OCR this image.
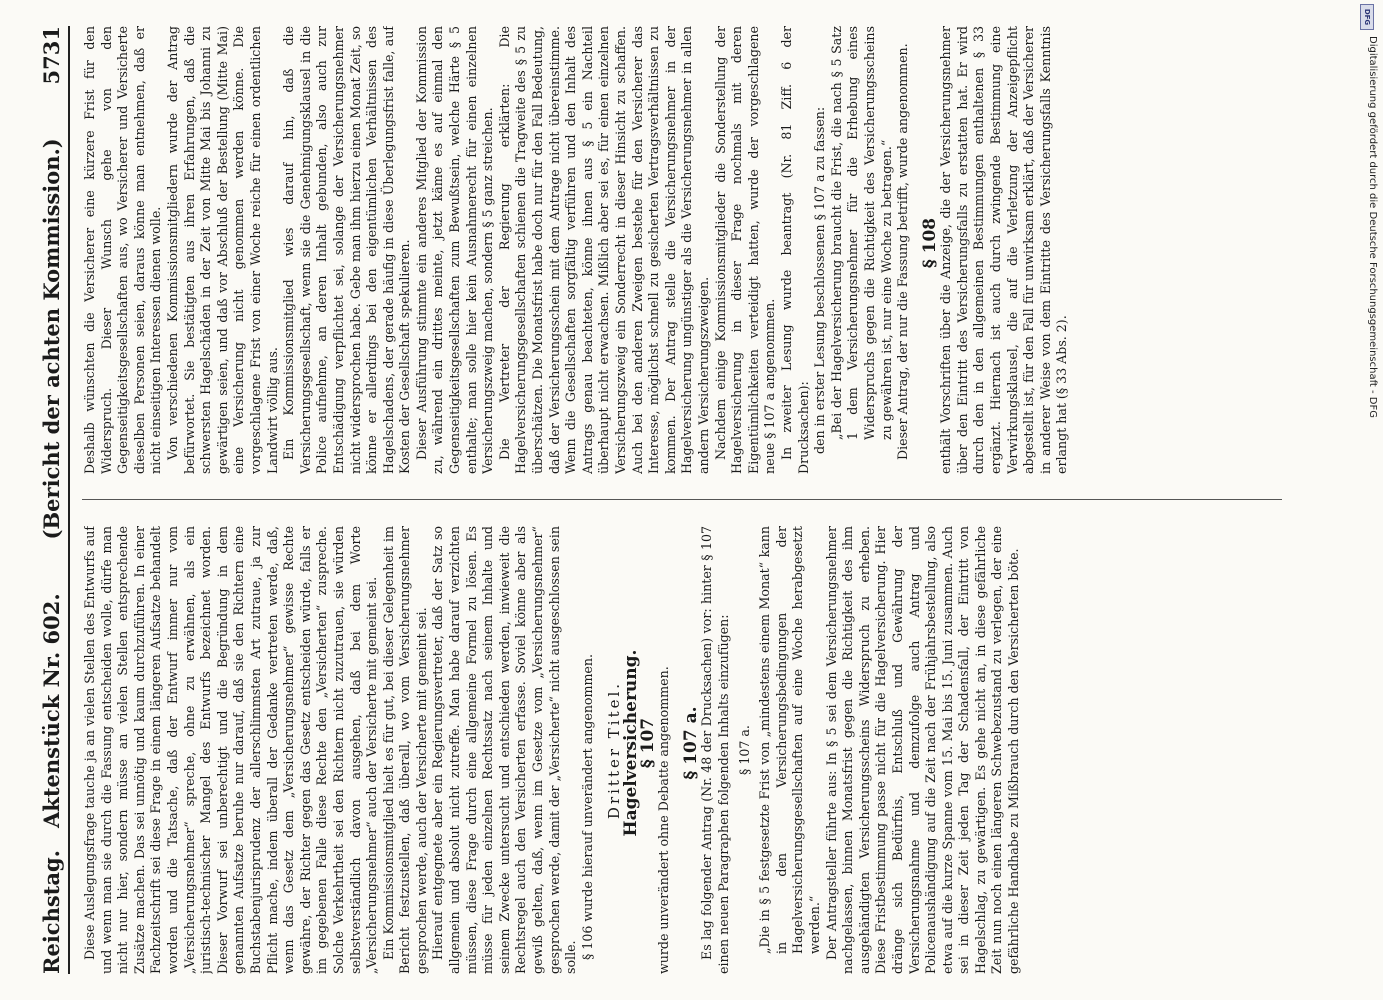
Reichstag.
Aktenstück Nr. 602.
(Bericht der achten Kommission.)
5731

Diese Auslegungsfrage tauche ja an vielen Stellen des Entwurfs auf und wenn man sie durch die Fassung entscheiden wolle, dürfe man nicht nur hier, sondern müsse an vielen Stellen entsprechende Zusätze machen. Das sei unnötig und kaum durchzuführen. In einer Fachzeitschrift sei diese Frage in einem längeren Aufsatze behandelt worden und die Tatsache, daß der Entwurf immer nur vom „Versicherungsnehmer“ spreche, ohne zu erwähnen, als ein juristisch-technischer Mangel des Entwurfs bezeichnet worden. Dieser Vorwurf sei unberechtigt und die Begründung in dem genannten Aufsatze beruhe nur darauf, daß sie den Richtern eine Buchstabenjurisprudenz der allerschlimmsten Art zutraue, ja zur Pflicht mache, indem überall der Gedanke vertreten werde, daß, wenn das Gesetz dem „Versicherungsnehmer“ gewisse Rechte gewähre, der Richter gegen das Gesetz entscheiden würde, falls er im gegebenen Falle diese Rechte den „Versicherten“ zuspreche. Solche Verkehrtheit sei den Richtern nicht zuzutrauen, sie würden selbstverständlich davon ausgehen, daß bei dem Worte „Versicherungsnehmer“ auch der Versicherte mit gemeint sei. Ein Kommissionsmitglied hielt es für gut, bei dieser Gelegenheit im Bericht festzustellen, daß überall, wo vom Versicherungsnehmer gesprochen werde, auch der Versicherte mit gemeint sei. Hierauf entgegnete aber ein Regierungsvertreter, daß der Satz so allgemein und absolut nicht zutreffe. Man habe darauf verzichten müssen, diese Frage durch eine allgemeine Formel zu lösen. Es müsse für jeden einzelnen Rechtssatz nach seinem Inhalte und seinem Zwecke untersucht und entschieden werden, inwieweit die Rechtsregel auch den Versicherten erfasse. Soviel könne aber als gewiß gelten, daß, wenn im Gesetze vom „Versicherungsnehmer“ gesprochen werde, damit der „Versicherte“ nicht ausgeschlossen sein solle. § 106 wurde hierauf unverändert angenommen. Dritter Titel.

Hagelversicherung.

§ 107

wurde unverändert ohne Debatte angenommen. § 107 a.

Es lag folgender Antrag (Nr. 48 der Drucksachen) vor: hinter § 107 einen neuen Paragraphen folgenden Inhalts einzufügen: § 107 a. „Die in § 5 festgesetzte Frist von „mindestens einem Monat“ kann in den Versicherungsbedingungen der Hagelversicherungsgesellschaften auf eine Woche herabgesetzt werden.“ Der Antragsteller führte aus: In § 5 sei dem Versicherungsnehmer nachgelassen, binnen Monatsfrist gegen die Richtigkeit des ihm ausgehändigten Versicherungsscheins Widerspruch zu erheben. Diese Fristbestimmung passe nicht für die Hagelversicherung. Hier dränge sich Bedürfnis, Entschluß und Gewährung der Versicherungsnahme und demzufolge auch Antrag und Policenaushändigung auf die Zeit nach der Frühjahrsbestellung, also etwa auf die kurze Spanne vom 15. Mai bis 15. Juni zusammen. Auch sei in dieser Zeit jeden Tag der Schadensfall, der Eintritt von Hagelschlag, zu gewärtigen. Es gehe nicht an, in diese gefährliche Zeit nun noch einen längeren Schwebezustand zu verlegen, der eine gefährliche Handhabe zu Mißbrauch durch den Versicherten böte.

Deshalb wünschten die Versicherer eine kürzere Frist für den Widerspruch. Dieser Wunsch gehe von den Gegenseitigkeitsgesellschaften aus, wo Versicherer und Versicherte dieselben Personen seien, daraus könne man entnehmen, daß er nicht einseitigen Interessen dienen wolle. Von verschiedenen Kommissionsmitgliedern wurde der Antrag befürwortet. Sie bestätigten aus ihren Erfahrungen, daß die schwersten Hagelschäden in der Zeit von Mitte Mai bis Johanni zu gewärtigen seien, und daß vor Abschluß der Bestellung (Mitte Mai) eine Versicherung nicht genommen werden könne. Die vorgeschlagene Frist von einer Woche reiche für einen ordentlichen Landwirt völlig aus. Ein Kommissionsmitglied wies darauf hin, daß die Versicherungsgesellschaft, wenn sie die Genehmigungsklausel in die Police aufnehme, an deren Inhalt gebunden, also auch zur Entschädigung verpflichtet sei, solange der Versicherungsnehmer nicht widersprochen habe. Gebe man ihm hierzu einen Monat Zeit, so könne er allerdings bei den eigentümlichen Verhältnissen des Hagelschadens, der gerade häufig in diese Überlegungsfrist falle, auf Kosten der Gesellschaft spekulieren. Dieser Ausführung stimmte ein anderes Mitglied der Kommission zu, während ein drittes meinte, jetzt käme es auf einmal den Gegenseitigkeitsgesellschaften zum Bewußtsein, welche Härte § 5 enthalte; man solle hier kein Ausnahmerecht für einen einzelnen Versicherungszweig machen, sondern § 5 ganz streichen. Die Vertreter der Regierung erklärten: Die Hagelversicherungsgesellschaften schienen die Tragweite des § 5 zu überschätzen. Die Monatsfrist habe doch nur für den Fall Bedeutung, daß der Versicherungsschein mit dem Antrage nicht übereinstimme. Wenn die Gesellschaften sorgfältig verführen und den Inhalt des Antrags genau beachteten, könne ihnen aus § 5 ein Nachteil überhaupt nicht erwachsen. Mißlich aber sei es, für einen einzelnen Versicherungszweig ein Sonderrecht in dieser Hinsicht zu schaffen. Auch bei den anderen Zweigen bestehe für den Versicherer das Interesse, möglichst schnell zu gesicherten Vertragsverhältnissen zu kommen. Der Antrag stelle die Versicherungsnehmer in der Hagelversicherung ungünstiger als die Versicherungsnehmer in allen andern Versicherungszweigen. Nachdem einige Kommissionsmitglieder die Sonderstellung der Hagelversicherung in dieser Frage nochmals mit deren Eigentümlichkeiten verteidigt hatten, wurde der vorgeschlagene neue § 107 a angenommen. In zweiter Lesung wurde beantragt (Nr. 81 Ziff. 6 der Drucksachen): den in erster Lesung beschlossenen § 107 a zu fassen: „Bei der Hagelversicherung braucht die Frist, die nach § 5 Satz 1 dem Versicherungsnehmer für die Erhebung eines Widerspruchs gegen die Richtigkeit des Versicherungsscheins zu gewähren ist, nur eine Woche zu betragen.“ Dieser Antrag, der nur die Fassung betrifft, wurde angenommen. § 108

enthält Vorschriften über die Anzeige, die der Versicherungsnehmer über den Eintritt des Versicherungsfalls zu erstatten hat. Er wird durch den in den allgemeinen Bestimmungen enthaltenen § 33 ergänzt. Hiernach ist auch durch zwingende Bestimmung eine Verwirkungsklausel, die auf die Verletzung der Anzeigepflicht abgestellt ist, für den Fall für unwirksam erklärt, daß der Versicherer in anderer Weise von dem Eintritte des Versicherungsfalls Kenntnis erlangt hat (§ 33 Abs. 2).

DFG
Digitalisierung gefördert durch die Deutsche Forschungsgemeinschaft - DFG
